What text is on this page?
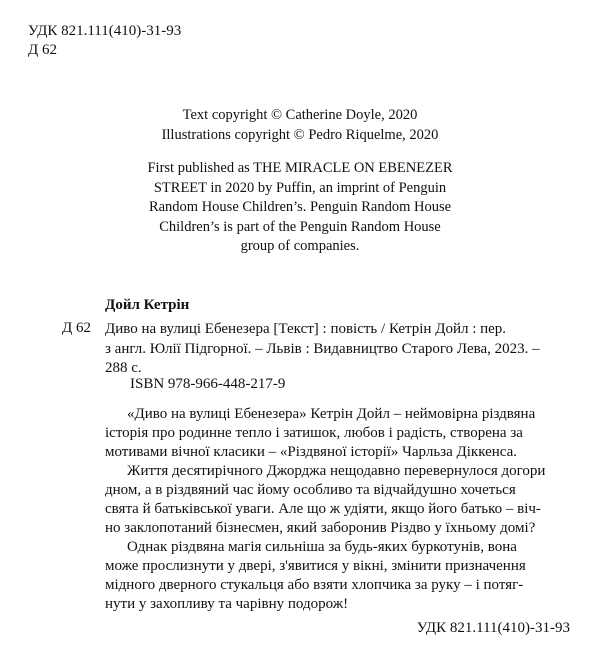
УДК 821.111(410)-31-93
Д 62
Text copyright © Catherine Doyle, 2020
Illustrations copyright © Pedro Riquelme, 2020
First published as THE MIRACLE ON EBENEZER
STREET in 2020 by Puffin, an imprint of Penguin
Random House Children’s. Penguin Random House
Children’s is part of the Penguin Random House
group of companies.
Дойл Кетрін
Д 62 Диво на вулиці Ебенезера [Текст] : повість / Кетрін Дойл : пер.
з англ. Юлії Підгорної. – Львів : Видавництво Старого Лева, 2023. –
288 с.
ISBN 978-966-448-217-9
«Диво на вулиці Ебенезера» Кетрін Дойл – неймовірна різдвяна
історія про родинне тепло і затишок, любов і радість, створена за
мотивами вічної класики – «Різдвяної історії» Чарльза Діккенса.
Життя десятирічного Джорджа нещодавно перевернулося догори
дном, а в різдвяний час йому особливо та відчайдушно хочеться
свята й батьківської уваги. Але що ж удіяти, якщо його батько – віч-
но заклопотаний бізнесмен, який заборонив Різдво у їхньому домі?
Однак різдвяна магія сильніша за будь-яких буркотунів, вона
може прослизнути у двері, з'явитися у вікні, змінити призначення
мідного дверного стукальця або взяти хлопчика за руку – і потяг-
нути у захопливу та чарівну подорож!
УДК 821.111(410)-31-93
